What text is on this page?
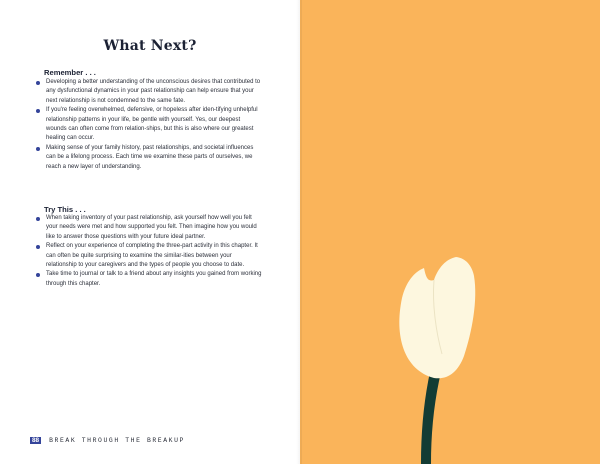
What Next?
Remember . . .
Developing a better understanding of the unconscious desires that contributed to any dysfunctional dynamics in your past relationship can help ensure that your next relationship is not condemned to the same fate.
If you're feeling overwhelmed, defensive, or hopeless after iden-tifying unhelpful relationship patterns in your life, be gentle with yourself. Yes, our deepest wounds can often come from relation-ships, but this is also where our greatest healing can occur.
Making sense of your family history, past relationships, and societal influences can be a lifelong process. Each time we examine these parts of ourselves, we reach a new layer of understanding.
Try This . . .
When taking inventory of your past relationship, ask yourself how well you felt your needs were met and how supported you felt. Then imagine how you would like to answer those questions with your future ideal partner.
Reflect on your experience of completing the three-part activity in this chapter. It can often be quite surprising to examine the similar-ities between your relationship to your caregivers and the types of people you choose to date.
Take time to journal or talk to a friend about any insights you gained from working through this chapter.
88 BREAK THROUGH THE BREAKUP
